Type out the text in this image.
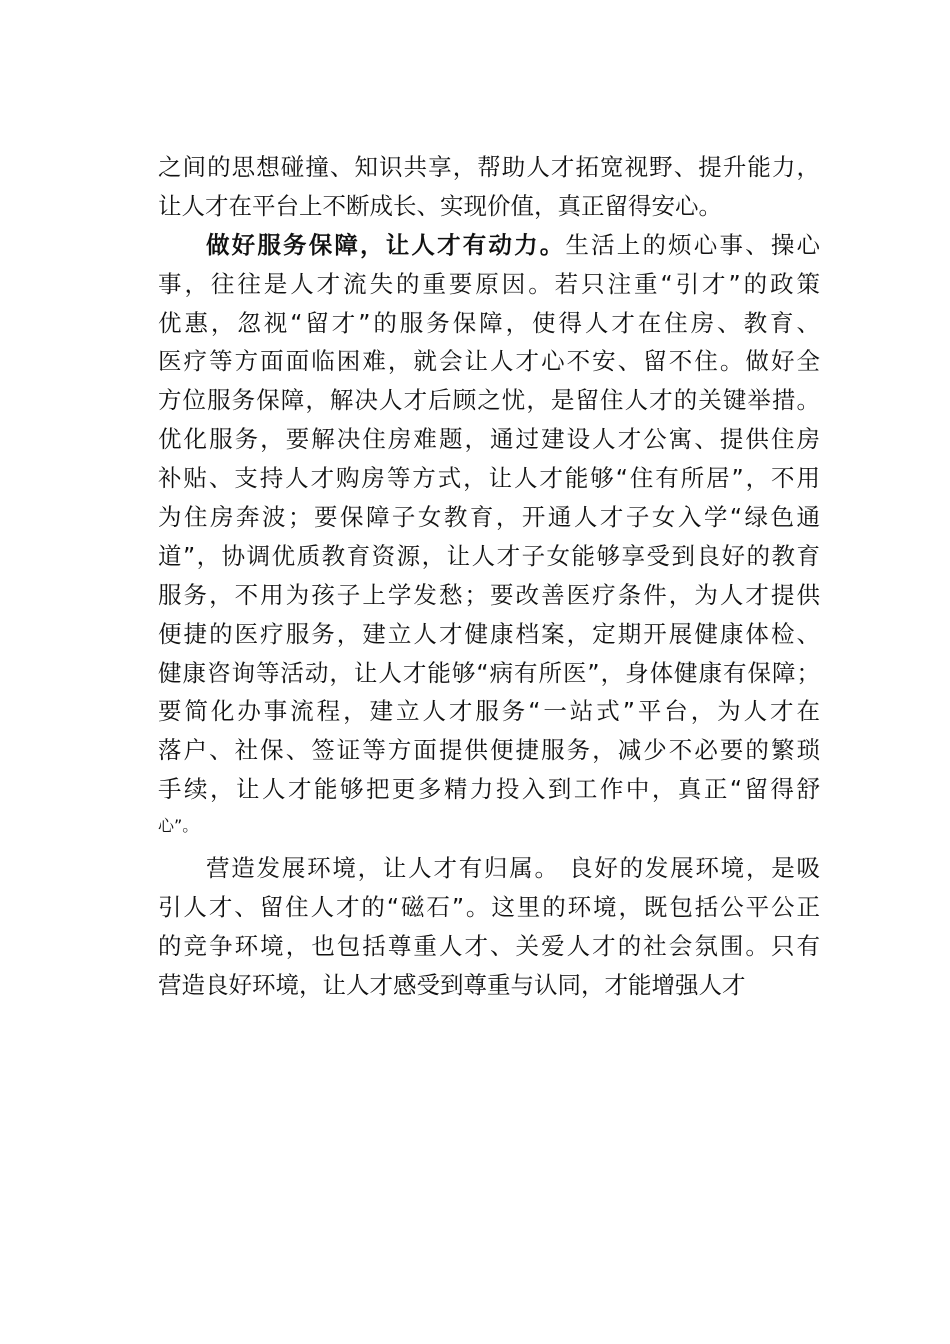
之间的思想碰撞、知识共享，帮助人才拓宽视野、提升能力，
让人才在平台上不断成长、实现价值，真正留得安心。
做好服务保障，让人才有动力。生活上的烦心事、操心
事，往往是人才流失的重要原因。若只注重“引才”的政策
优惠，忽视“留才”的服务保障，使得人才在住房、教育、
医疗等方面面临困难，就会让人才心不安、留不住。做好全
方位服务保障，解决人才后顾之忧，是留住人才的关键举措。
优化服务，要解决住房难题，通过建设人才公寓、提供住房
补贴、支持人才购房等方式，让人才能够“住有所居”，不用
为住房奔波；要保障子女教育，开通人才子女入学“绿色通
道”，协调优质教育资源，让人才子女能够享受到良好的教育
服务，不用为孩子上学发愁；要改善医疗条件，为人才提供
便捷的医疗服务，建立人才健康档案，定期开展健康体检、
健康咨询等活动，让人才能够“病有所医”，身体健康有保障；
要简化办事流程，建立人才服务“一站式”平台，为人才在
落户、社保、签证等方面提供便捷服务，减少不必要的繁琐
手续，让人才能够把更多精力投入到工作中，真正“留得舒
心”。
营造发展环境，让人才有归属。 良好的发展环境，是吸
引人才、留住人才的“磁石”。这里的环境，既包括公平公正
的竞争环境，也包括尊重人才、关爱人才的社会氛围。只有
营造良好环境，让人才感受到尊重与认同，才能增强人才
